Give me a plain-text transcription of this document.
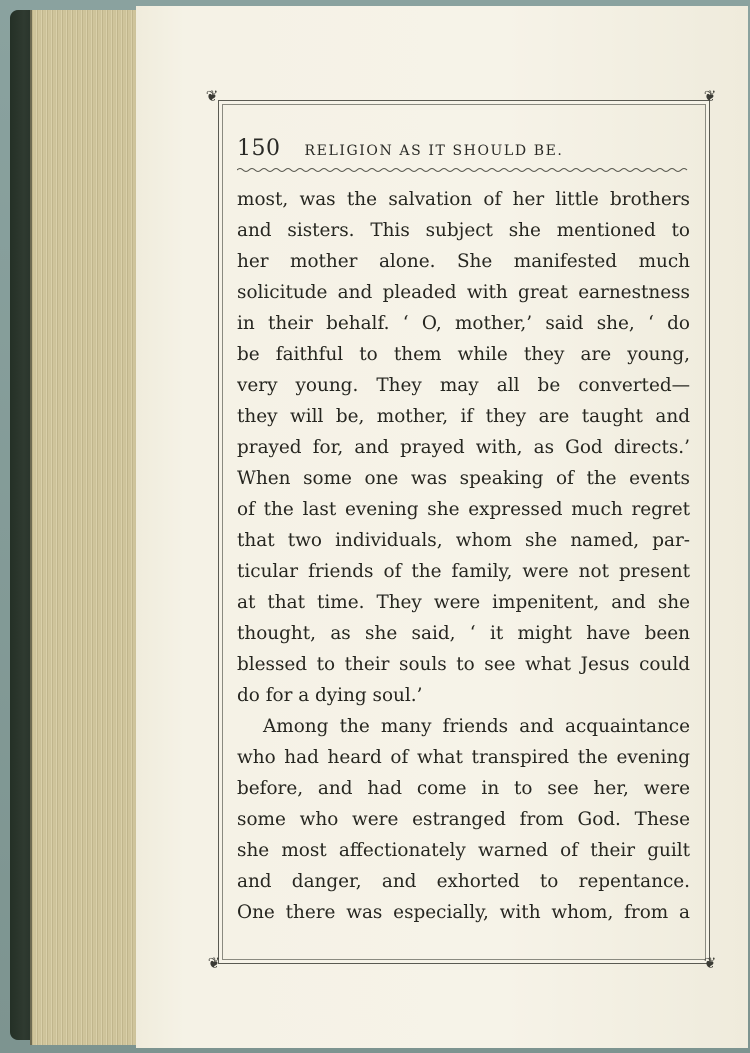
❦	❦
❦	❦
150 RELIGION AS IT SHOULD BE.
most, was the salvation of her little brothers
and sisters. This subject she mentioned to
her mother alone. She manifested much
solicitude and pleaded with great earnestness
in their behalf. ‘ O, mother,’ said she, ‘ do
be faithful to them while they are young,
very young. They may all be converted—
they will be, mother, if they are taught and
prayed for, and prayed with, as God directs.’
When some one was speaking of the events
of the last evening she expressed much regret
that two individuals, whom she named, par-
ticular friends of the family, were not present
at that time. They were impenitent, and she
thought, as she said, ‘ it might have been
blessed to their souls to see what Jesus could
do for a dying soul.’
Among the many friends and acquaintance
who had heard of what transpired the evening
before, and had come in to see her, were
some who were estranged from God. These
she most affectionately warned of their guilt
and danger, and exhorted to repentance.
One there was especially, with whom, from a
